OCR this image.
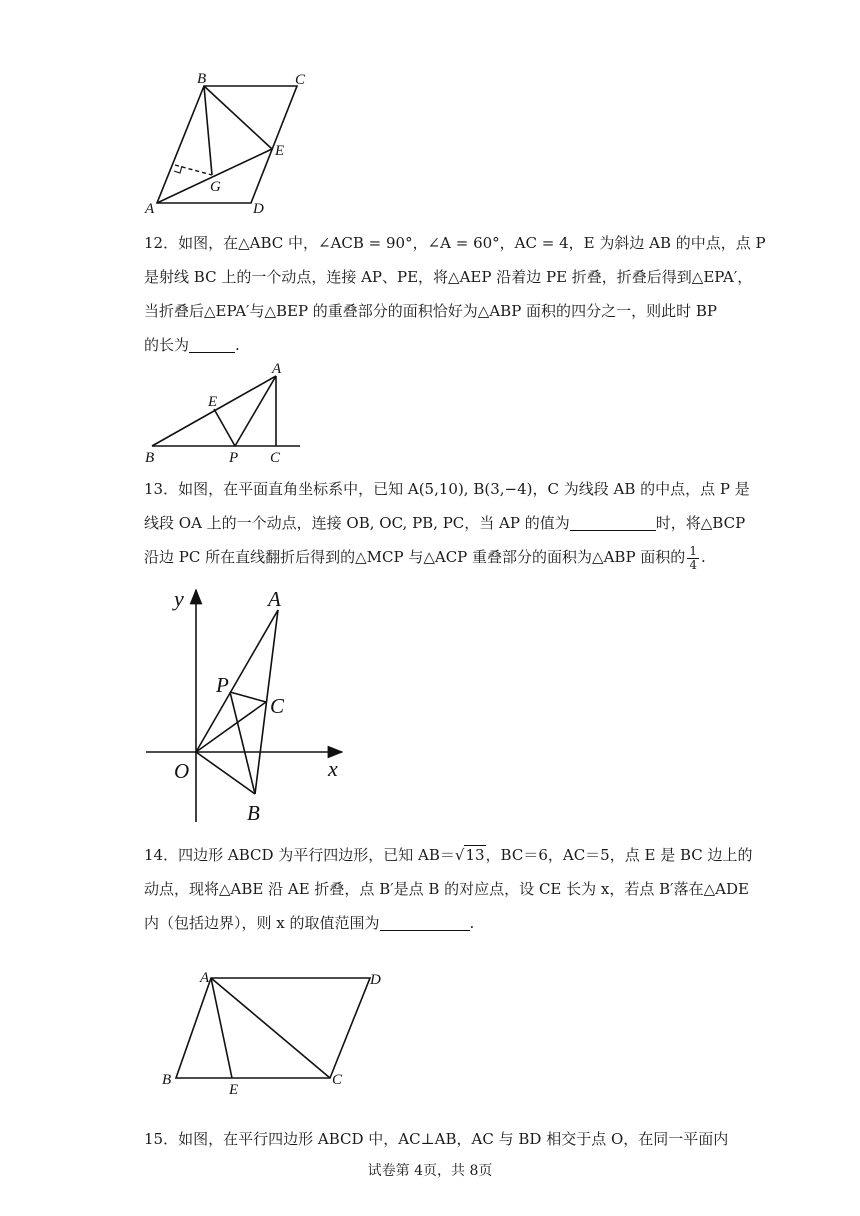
B	C
E
G
A	D

12．如图，在△ABC 中，∠ACB = 90°，∠A = 60°，AC = 4，E 为斜边 AB 的中点，点 P

是射线 BC 上的一个动点，连接 AP、PE，将△AEP 沿着边 PE 折叠，折叠后得到△EPA′，

当折叠后△EPA′与△BEP 的重叠部分的面积恰好为△ABP 面积的四分之一，则此时 BP

的长为	.

A
E
B	P C

13．如图，在平面直角坐标系中，已知 A(5,10), B(3,−4)，C 为线段 AB 的中点，点 P 是

线段 OA 上的一个动点，连接 OB, OC, PB, PC，当 AP 的值为	时，将△BCP

沿边 PC 所在直线翻折后得到的△MCP 与△ACP 重叠部分的面积为△ABP 面积的 $\frac{1}{4}$ .

y	A
P
C
O	x
B

14．四边形 ABCD 为平行四边形，已知 AB＝√13，BC＝6，AC＝5，点 E 是 BC 边上的

动点，现将△ABE 沿 AE 折叠，点 B′是点 B 的对应点，设 CE 长为 x，若点 B′落在△ADE

内（包括边界），则 x 的取值范围为	.

A	D
B
E
C

15．如图，在平行四边形 ABCD 中，AC⊥AB，AC 与 BD 相交于点 O，在同一平面内

试卷第 4页，共 8页
